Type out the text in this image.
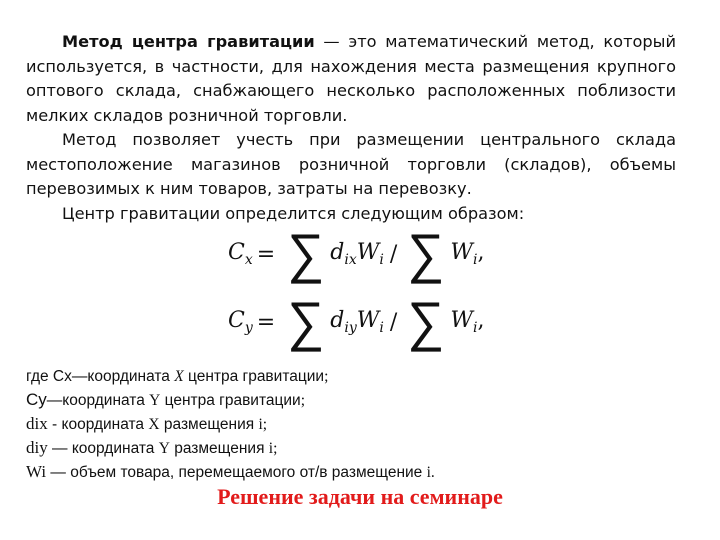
Метод центра гравитации — это математический метод, который используется, в частности, для нахождения места размещения крупного оптового склада, снабжающего несколько расположенных поблизости мелких складов розничной торговли.
Метод позволяет учесть при размещении центрального склада местоположение магазинов розничной торговли (складов), объемы перевозимых к ним товаров, затраты на перевозку.
Центр гравитации определится следующим образом:
$C_x$ = ∑ $d_{ix}W_i$ / ∑ $W_i$,
$C_y$ = ∑ $d_{iy}W_i$ / ∑ $W_i$,
где Сх—координата X центра гравитации;
Су—координата Y центра гравитации;
dix - координата X размещения i;
diy — координата Y размещения i;
Wi — объем товара, перемещаемого от/в размещение i.
Решение задачи на семинаре
